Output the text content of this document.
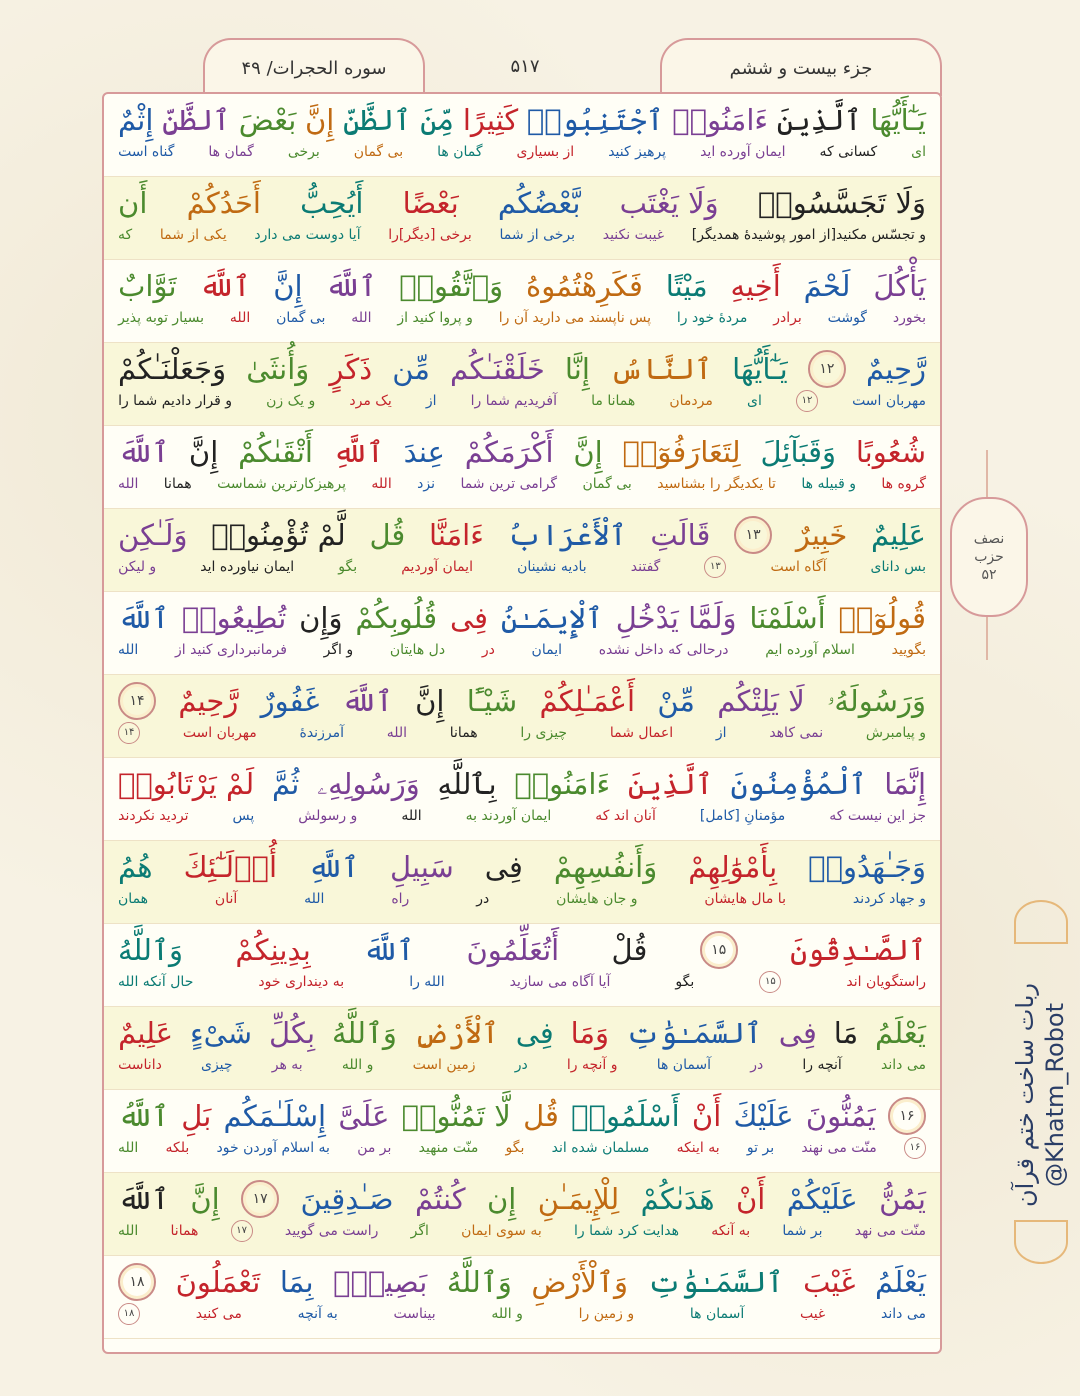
جزء بیست و ششم
۵۱۷
سوره الحجرات/ ۴۹
يَـٰٓأَيُّهَا
ٱلَّذِينَ
ءَامَنُوا۟
ٱجْتَنِبُوا۟
كَثِيرًا
مِّنَ ٱلظَّنِّ
إِنَّ
بَعْضَ
ٱلظَّنِّ
إِثْمٌ
ای
کسانی که
ایمان آورده اید
پرهیز کنید
از بسیاری
گمان ها
بی گمان
برخی
گمان ها
گناه است
وَلَا تَجَسَّسُوا۟
وَلَا يَغْتَب
بَّعْضُكُم
بَعْضًا
أَيُحِبُّ
أَحَدُكُمْ
أَن
و تجسّس مکنید[از امور پوشیدهٔ همدیگر]
غیبت نکنید
برخی از شما
برخی [دیگر]را
آیا دوست می دارد
یکی از شما
که
يَأْكُلَ
لَحْمَ
أَخِيهِ
مَيْتًا
فَكَرِهْتُمُوهُ
وَٱتَّقُوا۟
ٱللَّهَ
إِنَّ
ٱللَّهَ
تَوَّابٌ
بخورد
گوشت
برادر
مردهٔ خود را
پس ناپسند می دارید آن را
و پروا کنید از
الله
بی گمان
الله
بسیار توبه پذیر
رَّحِيمٌ
۱۲
يَـٰٓأَيُّهَا
ٱلنَّاسُ
إِنَّا
خَلَقْنَـٰكُم
مِّن
ذَكَرٍ
وَأُنثَىٰ
وَجَعَلْنَـٰكُمْ
مهربان است
۱۲
ای
مردمان
همانا ما
آفریدیم شما را
از
یک مرد
و یک زن
و قرار دادیم شما را
شُعُوبًا
وَقَبَآئِلَ
لِتَعَارَفُوٓا۟
إِنَّ
أَكْرَمَكُمْ
عِندَ
ٱللَّهِ
أَتْقَىٰكُمْ
إِنَّ
ٱللَّهَ
گروه ها
و قبیله ها
تا یکدیگر را بشناسید
بی گمان
گرامی ترین شما
نزد
الله
پرهیزکارترین شماست
همانا
الله
عَلِيمٌ
خَبِيرٌ
۱۳
قَالَتِ
ٱلْأَعْرَابُ
ءَامَنَّا
قُل
لَّمْ تُؤْمِنُوا۟
وَلَـٰكِن
بس دانای
آگاه است
۱۳
گفتند
بادیه نشینان
ایمان آوردیم
بگو
ایمان نیاورده اید
و لیکن
قُولُوٓا۟
أَسْلَمْنَا
وَلَمَّا يَدْخُلِ
ٱلْإِيمَـٰنُ
فِى
قُلُوبِكُمْ
وَإِن
تُطِيعُوا۟
ٱللَّهَ
بگویید
اسلام آورده ایم
درحالی که داخل نشده
ایمان
در
دل هایتان
و اگر
فرمانبرداری کنید از
الله
وَرَسُولَهُۥ
لَا يَلِتْكُم
مِّنْ
أَعْمَـٰلِكُمْ
شَيْـًٔا
إِنَّ
ٱللَّهَ
غَفُورٌ
رَّحِيمٌ
۱۴
و پیامبرش
نمی کاهد
از
اعمال شما
چیزی را
همانا
الله
آمرزندهٔ
مهربان است
۱۴
إِنَّمَا
ٱلْمُؤْمِنُونَ
ٱلَّذِينَ
ءَامَنُوا۟
بِٱللَّهِ
وَرَسُولِهِۦ
ثُمَّ
لَمْ يَرْتَابُوا۟
جز این نیست که
مؤمنانِ [کامل]
آنان اند که
ایمان آوردند به
الله
و رسولش
پس
تردید نکردند
وَجَـٰهَدُوا۟
بِأَمْوَٰلِهِمْ
وَأَنفُسِهِمْ
فِى
سَبِيلِ
ٱللَّهِ
أُو۟لَـٰٓئِكَ
هُمُ
و جهاد کردند
با مال هایشان
و جان هایشان
در
راه
الله
آنان
همان
ٱلصَّـٰدِقُونَ
۱۵
قُلْ
أَتُعَلِّمُونَ
ٱللَّهَ
بِدِينِكُمْ
وَٱللَّهُ
راستگویان اند
۱۵
بگو
آیا آگاه می سازید
الله را
به دینداری خود
حال آنکه الله
يَعْلَمُ
مَا
فِى
ٱلسَّمَـٰوَٰتِ
وَمَا
فِى
ٱلْأَرْضِ
وَٱللَّهُ
بِكُلِّ
شَىْءٍ
عَلِيمٌ
می داند
آنچه را
در
آسمان ها
و آنچه را
در
زمین است
و الله
به هر
چیزی
داناست
۱۶
يَمُنُّونَ
عَلَيْكَ
أَنْ
أَسْلَمُوا۟
قُل
لَّا تَمُنُّوا۟
عَلَىَّ
إِسْلَـٰمَكُم
بَلِ
ٱللَّهُ
۱۶
منّت می نهند
بر تو
به اینکه
مسلمان شده اند
بگو
منّت منهید
بر من
به اسلام آوردن خود
بلکه
الله
يَمُنُّ
عَلَيْكُمْ
أَنْ
هَدَىٰكُمْ
لِلْإِيمَـٰنِ
إِن
كُنتُمْ
صَـٰدِقِينَ
۱۷
إِنَّ
ٱللَّهَ
منّت می نهد
بر شما
به آنکه
هدایت کرد شما را
به سوی ایمان
اگر
راست می گویید
۱۷
همانا
الله
يَعْلَمُ
غَيْبَ
ٱلسَّمَـٰوَٰتِ
وَٱلْأَرْضِ
وَٱللَّهُ
بَصِيرٌۢ
بِمَا
تَعْمَلُونَ
۱۸
می داند
غیب
آسمان ها
و زمین را
و الله
بیناست
به آنچه
می کنید
۱۸
نصف
حزب
۵۲
ربات ساخت ختم قرآن @Khatm_Robot
